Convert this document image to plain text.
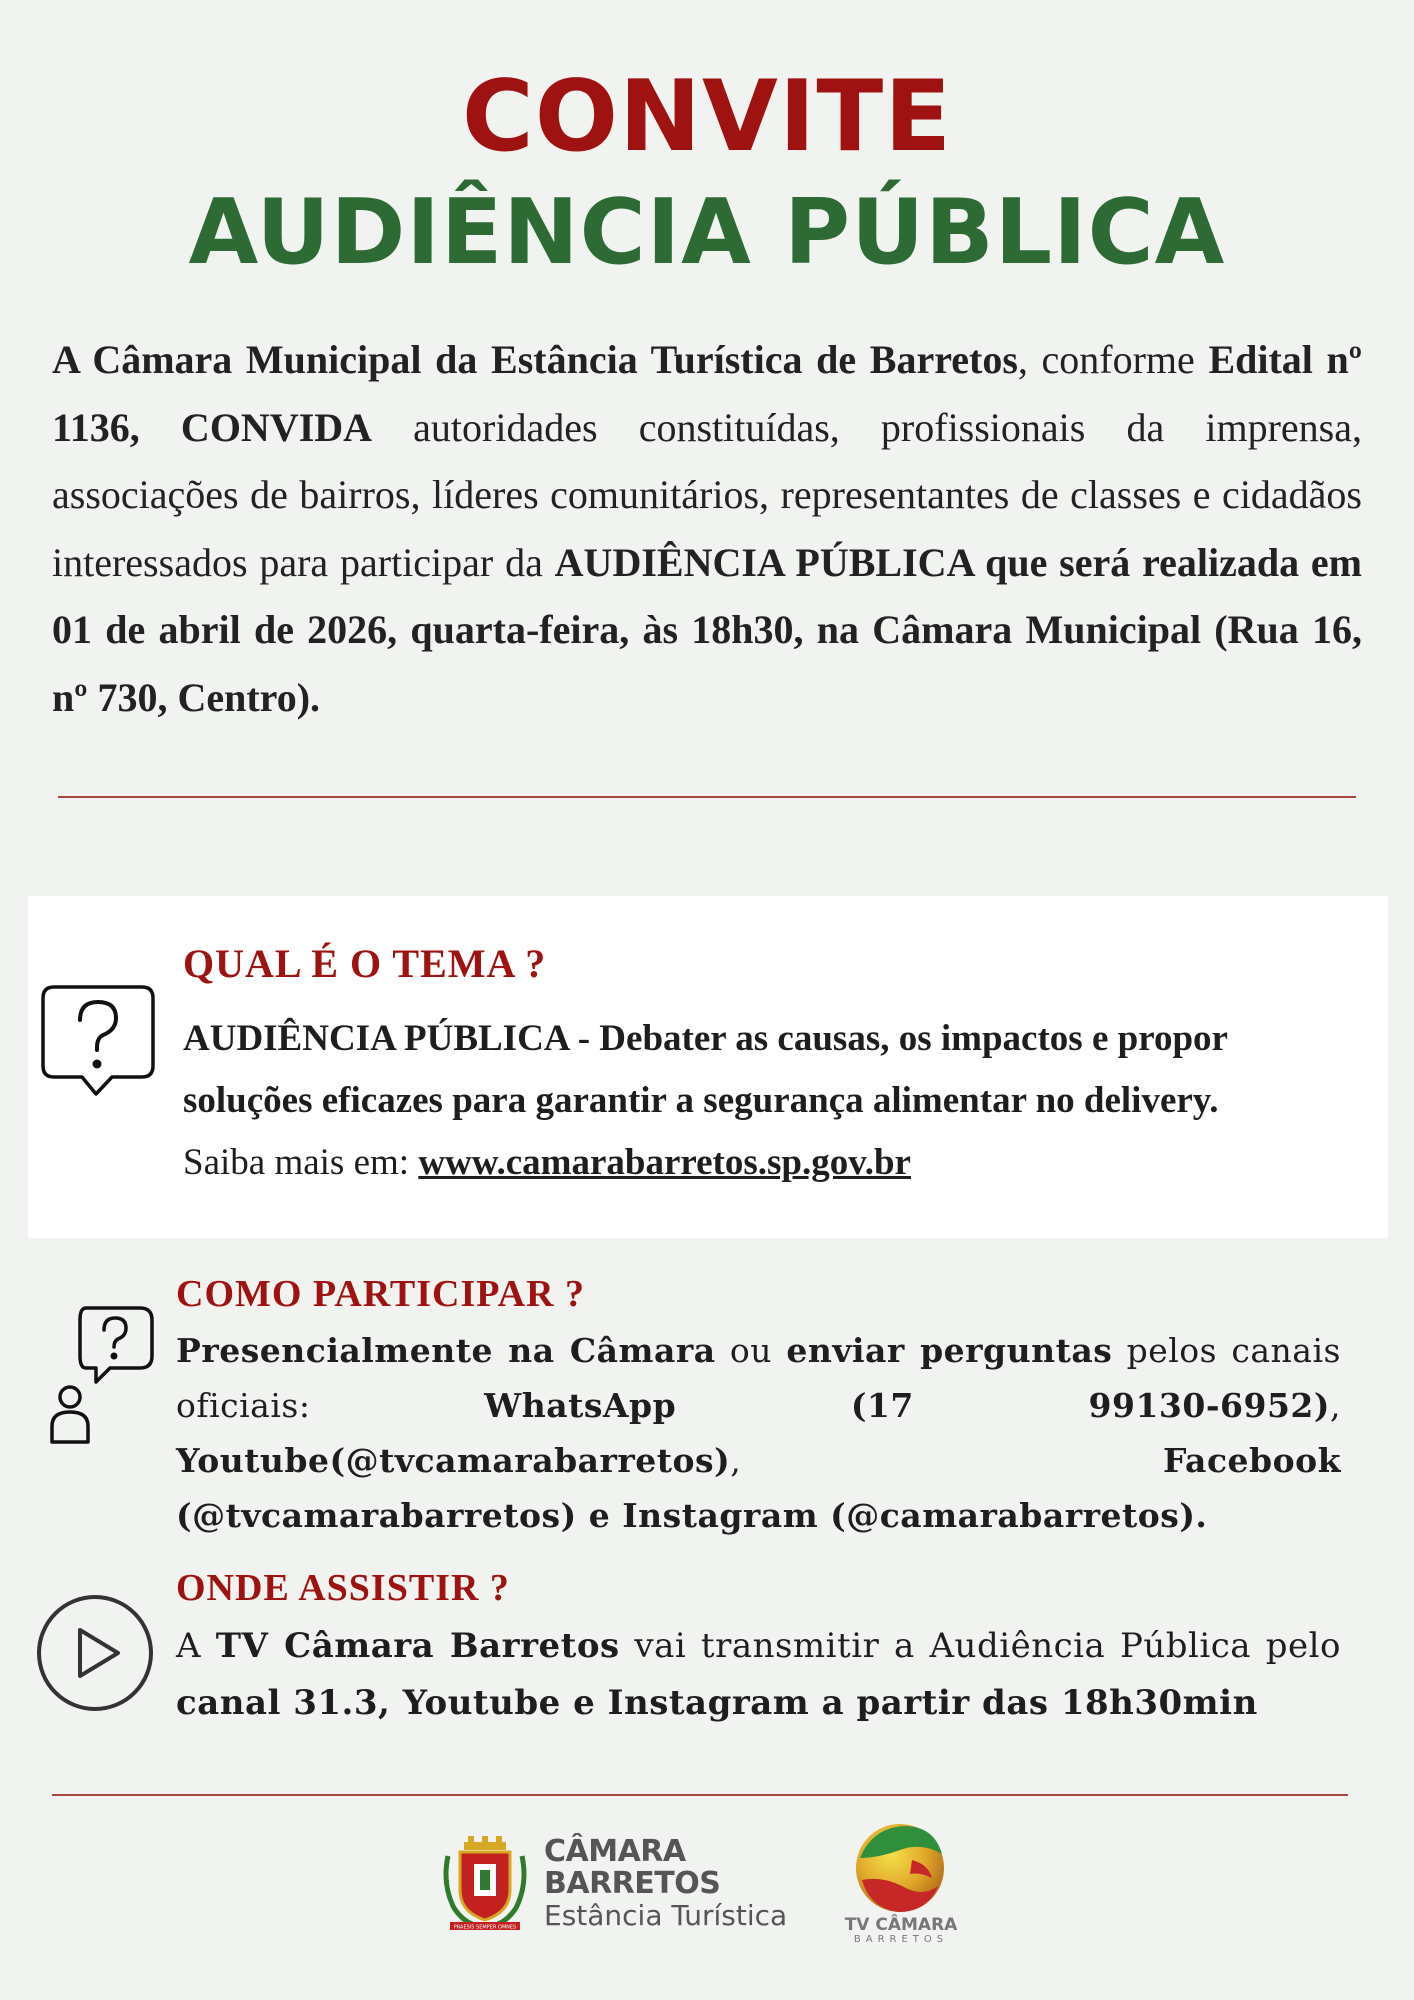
CONVITE
AUDIÊNCIA PÚBLICA
A Câmara Municipal da Estância Turística de Barretos, conforme Edital nº 1136, CONVIDA autoridades constituídas, profissionais da imprensa, associações de bairros, líderes comunitários, representantes de classes e cidadãos interessados para participar da AUDIÊNCIA PÚBLICA que será realizada em 01 de abril de 2026, quarta-feira, às 18h30, na Câmara Municipal (Rua 16, nº 730, Centro).
QUAL É O TEMA ?
AUDIÊNCIA PÚBLICA - Debater as causas, os impactos e propor soluções eficazes para garantir a segurança alimentar no delivery.
Saiba mais em: www.camarabarretos.sp.gov.br
COMO PARTICIPAR ?
Presencialmente na Câmara ou enviar perguntas pelos canais oficiais: WhatsApp (17 99130-6952), Youtube(@tvcamarabarretos), Facebook (@tvcamarabarretos) e Instagram (@camarabarretos).
ONDE ASSISTIR ?
A TV Câmara Barretos vai transmitir a Audiência Pública pelo canal 31.3, Youtube e Instagram a partir das 18h30min
PRAESIS SEMPER OMNES
CÂMARA
BARRETOS
Estância Turística	TV CÂMARA
BARRETOS
